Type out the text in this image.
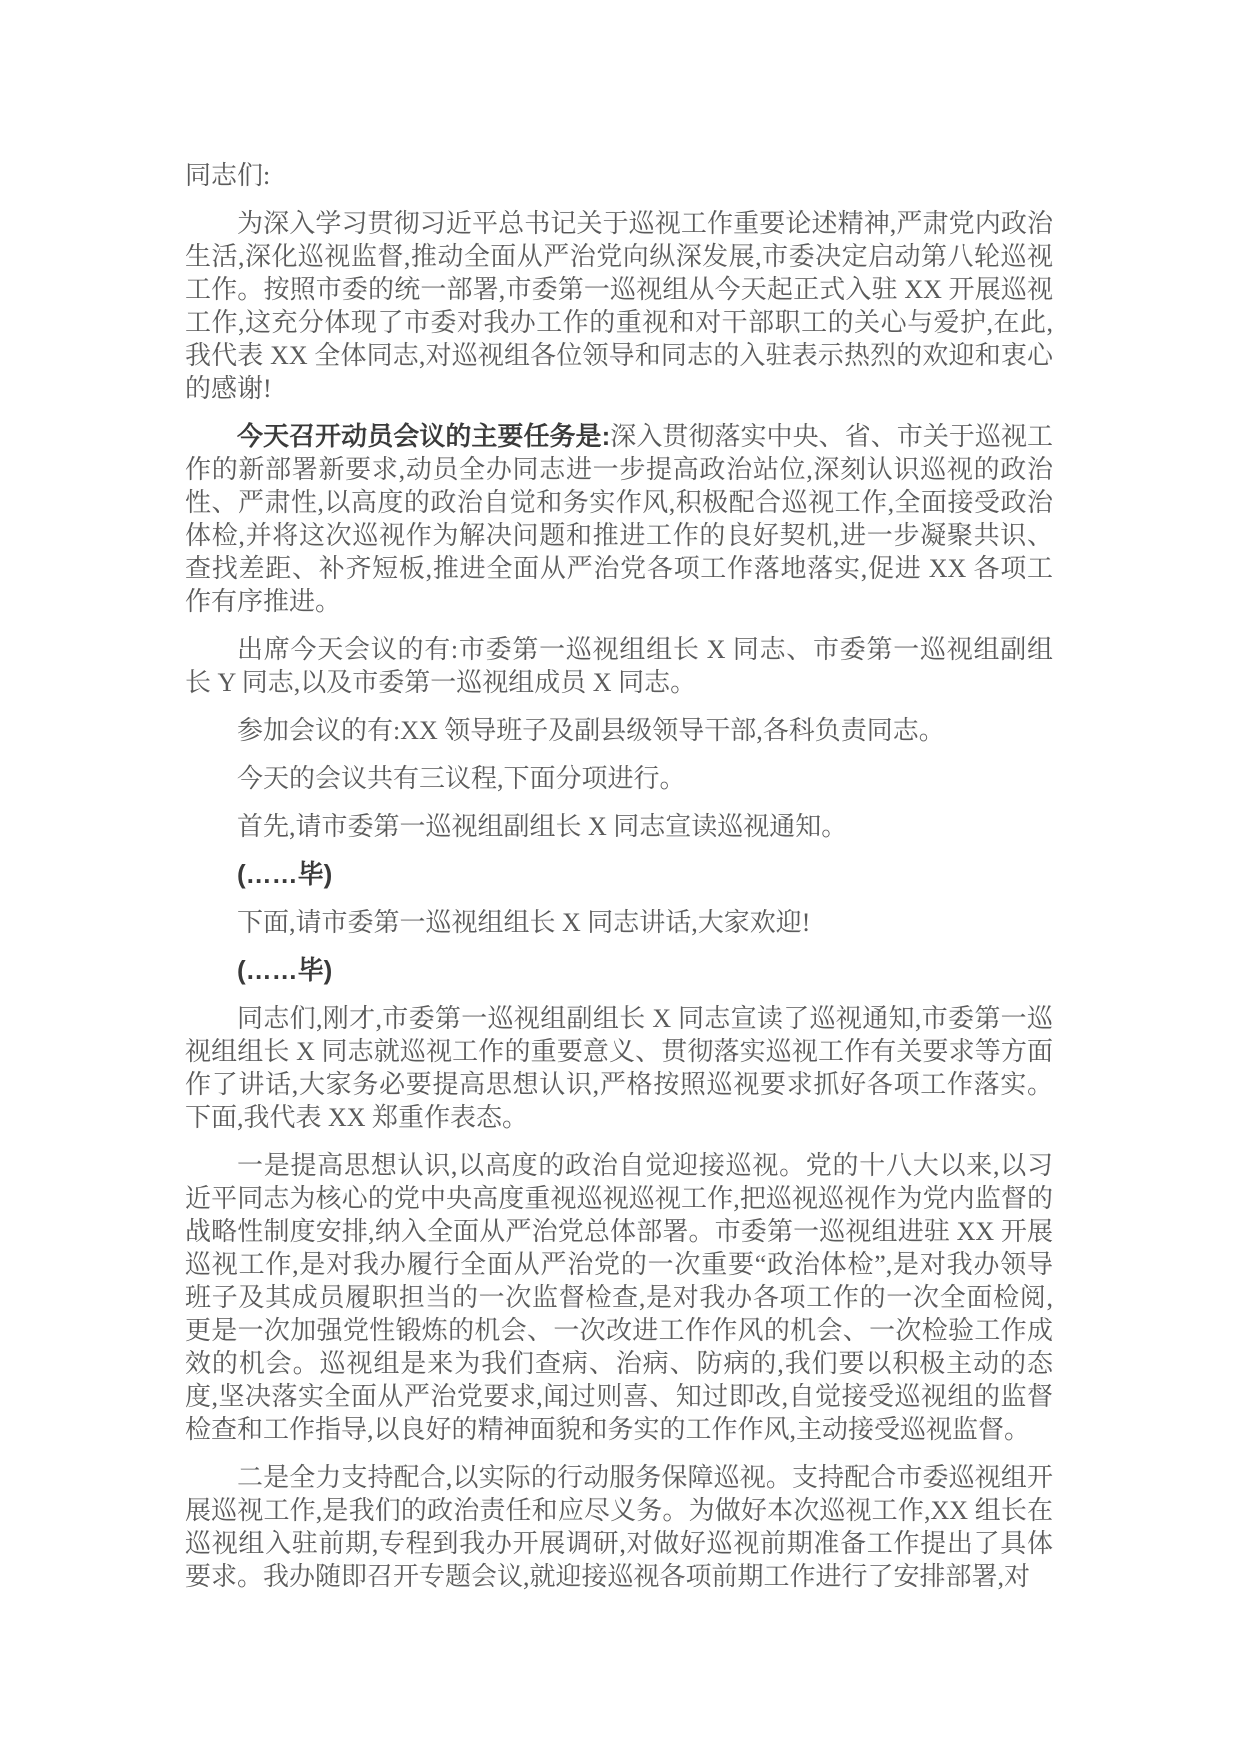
同志们:

为深入学习贯彻习近平总书记关于巡视工作重要论述精神,严肃党内政治生活,深化巡视监督,推动全面从严治党向纵深发展,市委决定启动第八轮巡视工作。按照市委的统一部署,市委第一巡视组从今天起正式入驻 XX 开展巡视工作,这充分体现了市委对我办工作的重视和对干部职工的关心与爱护,在此,我代表 XX 全体同志,对巡视组各位领导和同志的入驻表示热烈的欢迎和衷心的感谢!

今天召开动员会议的主要任务是:深入贯彻落实中央、省、市关于巡视工作的新部署新要求,动员全办同志进一步提高政治站位,深刻认识巡视的政治性、严肃性,以高度的政治自觉和务实作风,积极配合巡视工作,全面接受政治体检,并将这次巡视作为解决问题和推进工作的良好契机,进一步凝聚共识、查找差距、补齐短板,推进全面从严治党各项工作落地落实,促进 XX 各项工作有序推进。

出席今天会议的有:市委第一巡视组组长 X 同志、市委第一巡视组副组长 Y 同志,以及市委第一巡视组成员 X 同志。

参加会议的有:XX 领导班子及副县级领导干部,各科负责同志。

今天的会议共有三议程,下面分项进行。

首先,请市委第一巡视组副组长 X 同志宣读巡视通知。

(……毕)

下面,请市委第一巡视组组长 X 同志讲话,大家欢迎!

(……毕)

同志们,刚才,市委第一巡视组副组长 X 同志宣读了巡视通知,市委第一巡视组组长 X 同志就巡视工作的重要意义、贯彻落实巡视工作有关要求等方面作了讲话,大家务必要提高思想认识,严格按照巡视要求抓好各项工作落实。下面,我代表 XX 郑重作表态。

一是提高思想认识,以高度的政治自觉迎接巡视。党的十八大以来,以习近平同志为核心的党中央高度重视巡视巡视工作,把巡视巡视作为党内监督的战略性制度安排,纳入全面从严治党总体部署。市委第一巡视组进驻 XX 开展巡视工作,是对我办履行全面从严治党的一次重要“政治体检”,是对我办领导班子及其成员履职担当的一次监督检查,是对我办各项工作的一次全面检阅,更是一次加强党性锻炼的机会、一次改进工作作风的机会、一次检验工作成效的机会。巡视组是来为我们查病、治病、防病的,我们要以积极主动的态度,坚决落实全面从严治党要求,闻过则喜、知过即改,自觉接受巡视组的监督检查和工作指导,以良好的精神面貌和务实的工作作风,主动接受巡视监督。

二是全力支持配合,以实际的行动服务保障巡视。支持配合市委巡视组开展巡视工作,是我们的政治责任和应尽义务。为做好本次巡视工作,XX 组长在巡视组入驻前期,专程到我办开展调研,对做好巡视前期准备工作提出了具体要求。我办随即召开专题会议,就迎接巡视各项前期工作进行了安排部署,对
